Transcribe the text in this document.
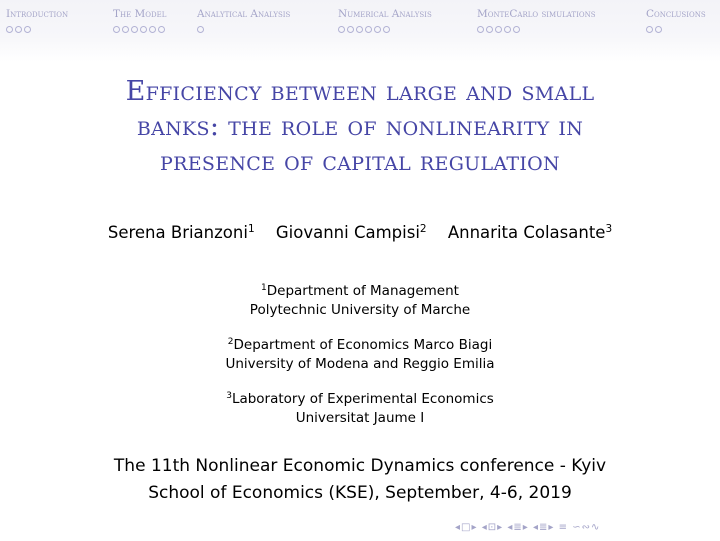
Introduction	The Model	Analytical Analysis	Numerical Analysis	MonteCarlo simulations	Conclusions
Efficiency between large and small
banks: the role of nonlinearity in
presence of capital regulation
Serena Brianzoni$^1$ Giovanni Campisi$^2$ Annarita Colasante$^3$
$^1$Department of Management
Polytechnic University of Marche
$^2$Department of Economics Marco Biagi
University of Modena and Reggio Emilia
$^3$Laboratory of Experimental Economics
Universitat Jaume I
The 11th Nonlinear Economic Dynamics conference - Kyiv
School of Economics (KSE), September, 4-6, 2019
◂□▸ ◂⊡▸ ◂≣▸ ◂≣▸ ≡ ∽∾∿
